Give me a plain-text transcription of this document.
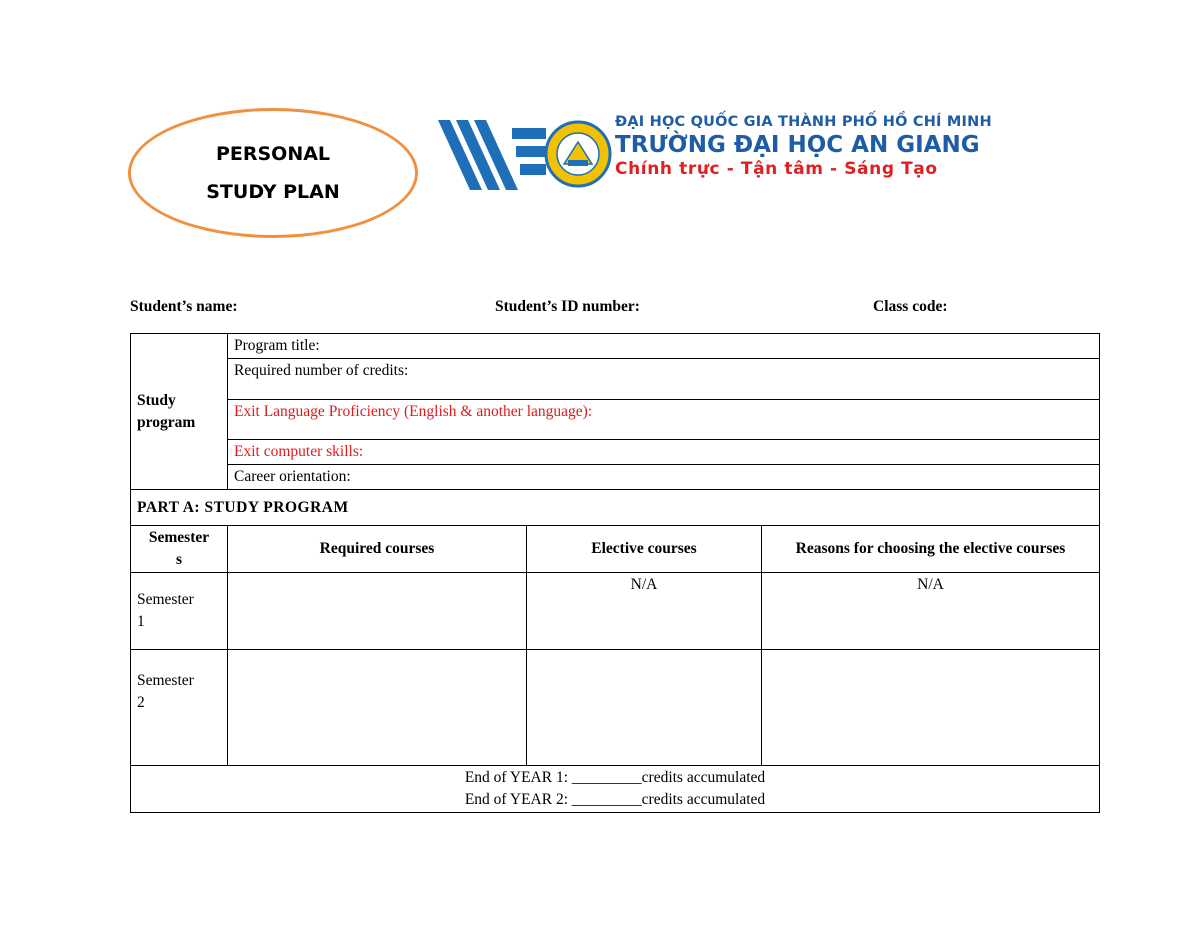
PERSONAL
STUDY PLAN
ĐẠI HỌC QUỐC GIA THÀNH PHỐ HỒ CHÍ MINH
TRƯỜNG ĐẠI HỌC AN GIANG
Chính trực - Tận tâm - Sáng Tạo
Student’s name:	Student’s ID number:	Class code:
Study
program	Program title:		
	Required number of credits:		
	Exit Language Proficiency (English & another language):		
	Exit computer skills:		
	Career orientation:		
PART A: STUDY PROGRAM			

Semester
s	Required courses	Elective courses	Reasons for choosing the elective courses

Semester
1		N/A	N/A

Semester
2			

End of YEAR 1: _________credits accumulated
End of YEAR 2: _________credits accumulated			
